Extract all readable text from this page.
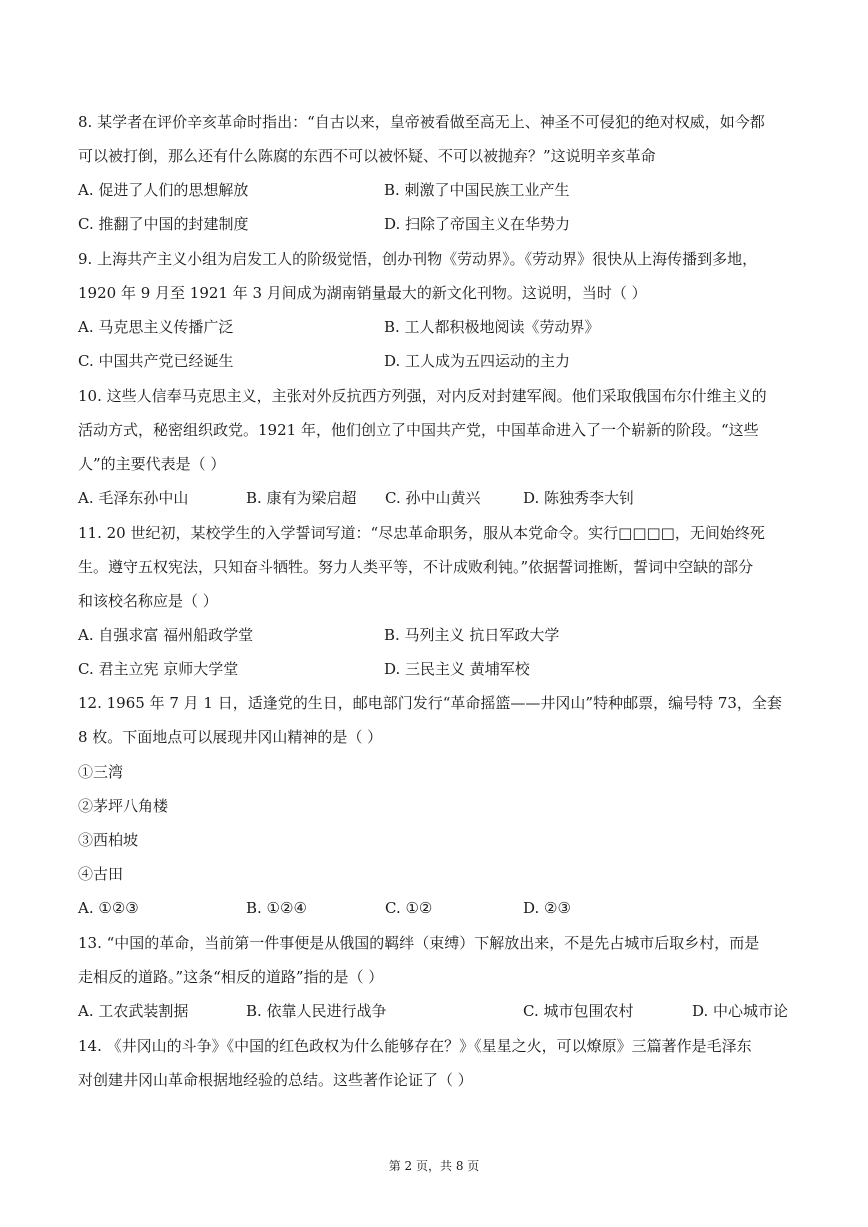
8. 某学者在评价辛亥革命时指出：“自古以来，皇帝被看做至高无上、神圣不可侵犯的绝对权威，如今都
可以被打倒，那么还有什么陈腐的东西不可以被怀疑、不可以被抛弃？”这说明辛亥革命
A. 促进了人们的思想解放	B. 刺激了中国民族工业产生
C. 推翻了中国的封建制度	D. 扫除了帝国主义在华势力
9. 上海共产主义小组为启发工人的阶级觉悟，创办刊物《劳动界》。《劳动界》很快从上海传播到多地，
1920 年 9 月至 1921 年 3 月间成为湖南销量最大的新文化刊物。这说明，当时（ ）
A. 马克思主义传播广泛	B. 工人都积极地阅读《劳动界》
C. 中国共产党已经诞生	D. 工人成为五四运动的主力
10. 这些人信奉马克思主义，主张对外反抗西方列强，对内反对封建军阀。他们采取俄国布尔什维主义的
活动方式，秘密组织政党。1921 年，他们创立了中国共产党，中国革命进入了一个崭新的阶段。“这些
人”的主要代表是（ ）
A. 毛泽东孙中山	B. 康有为梁启超 C. 孙中山黄兴	D. 陈独秀李大钊
11. 20 世纪初，某校学生的入学誓词写道：“尽忠革命职务，服从本党命令。实行□□□□，无间始终死
生。遵守五权宪法，只知奋斗牺牲。努力人类平等，不计成败利钝。”依据誓词推断，誓词中空缺的部分
和该校名称应是（ ）
A. 自强求富 福州船政学堂	B. 马列主义 抗日军政大学
C. 君主立宪 京师大学堂	D. 三民主义 黄埔军校
12. 1965 年 7 月 1 日，适逢党的生日，邮电部门发行“革命摇篮——井冈山”特种邮票，编号特 73，全套
8 枚。下面地点可以展现井冈山精神的是（ ）
①三湾
②茅坪八角楼
③西柏坡
④古田
A. ①②③	B. ①②④	C. ①②	D. ②③
13. “中国的革命，当前第一件事便是从俄国的羁绊（束缚）下解放出来，不是先占城市后取乡村，而是
走相反的道路。”这条“相反的道路”指的是（ ）
A. 工农武装割据	B. 依靠人民进行战争	C. 城市包围农村	D. 中心城市论
14. 《井冈山的斗争》《中国的红色政权为什么能够存在？》《星星之火，可以燎原》三篇著作是毛泽东
对创建井冈山革命根据地经验的总结。这些著作论证了（ ）
第 2 页，共 8 页
